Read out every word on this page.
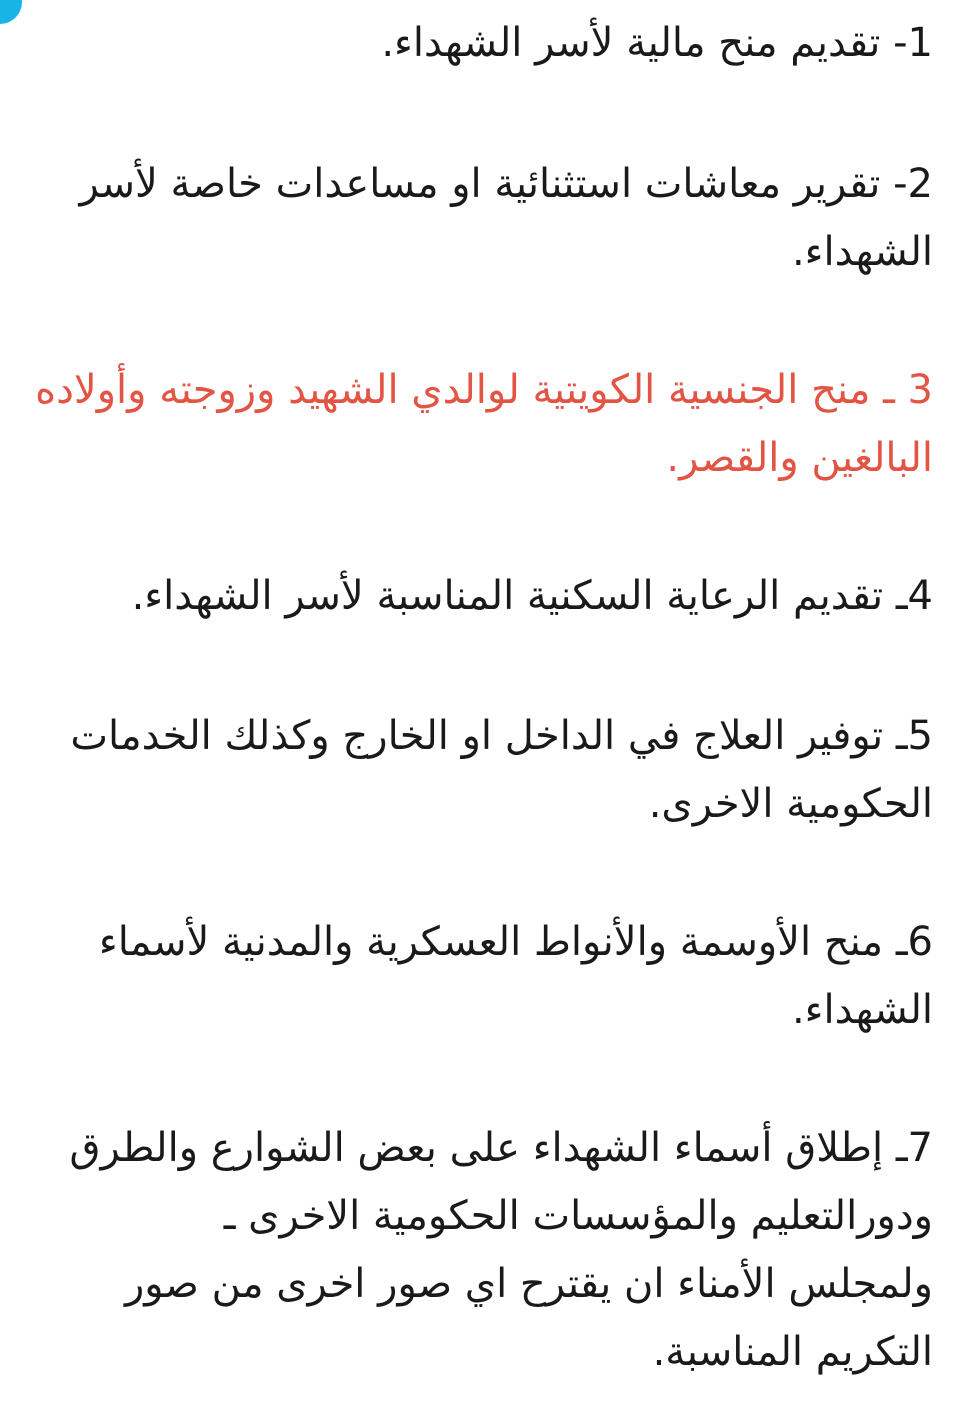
1- تقديم منح مالية لأسر الشهداء.

2- تقرير معاشات استثنائية او مساعدات خاصة لأسر الشهداء.

3 ـ منح الجنسية الكويتية لوالدي الشهيد وزوجته وأولاده البالغين والقصر.

4ـ تقديم الرعاية السكنية المناسبة لأسر الشهداء.

5ـ توفير العلاج في الداخل او الخارج وكذلك الخدمات الحكومية الاخرى.

6ـ منح الأوسمة والأنواط العسكرية والمدنية لأسماء الشهداء.

7ـ إطلاق أسماء الشهداء على بعض الشوارع والطرق ودورالتعليم والمؤسسات الحكومية الاخرى ـ
ولمجلس الأمناء ان يقترح اي صور اخرى من صور التكريم المناسبة.
